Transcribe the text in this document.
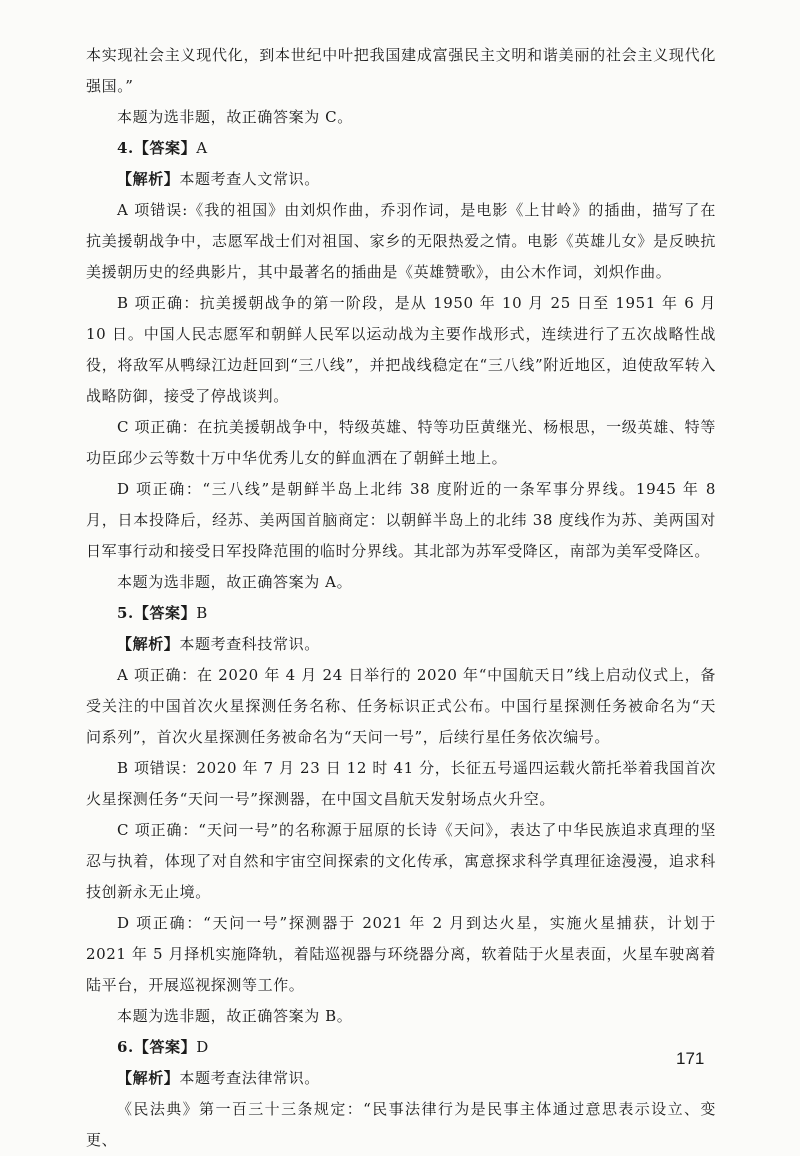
本实现社会主义现代化，到本世纪中叶把我国建成富强民主文明和谐美丽的社会主义现代化强国。”

本题为选非题，故正确答案为 C。

4.【答案】A

【解析】本题考查人文常识。

A 项错误:《我的祖国》由刘炽作曲，乔羽作词，是电影《上甘岭》的插曲，描写了在抗美援朝战争中，志愿军战士们对祖国、家乡的无限热爱之情。电影《英雄儿女》是反映抗美援朝历史的经典影片，其中最著名的插曲是《英雄赞歌》，由公木作词，刘炽作曲。

B 项正确：抗美援朝战争的第一阶段，是从 1950 年 10 月 25 日至 1951 年 6 月 10 日。中国人民志愿军和朝鲜人民军以运动战为主要作战形式，连续进行了五次战略性战役，将敌军从鸭绿江边赶回到“三八线”，并把战线稳定在“三八线”附近地区，迫使敌军转入战略防御，接受了停战谈判。

C 项正确：在抗美援朝战争中，特级英雄、特等功臣黄继光、杨根思，一级英雄、特等功臣邱少云等数十万中华优秀儿女的鲜血洒在了朝鲜土地上。

D 项正确：“三八线”是朝鲜半岛上北纬 38 度附近的一条军事分界线。1945 年 8 月，日本投降后，经苏、美两国首脑商定：以朝鲜半岛上的北纬 38 度线作为苏、美两国对日军事行动和接受日军投降范围的临时分界线。其北部为苏军受降区，南部为美军受降区。

本题为选非题，故正确答案为 A。

5.【答案】B

【解析】本题考查科技常识。

A 项正确：在 2020 年 4 月 24 日举行的 2020 年“中国航天日”线上启动仪式上，备受关注的中国首次火星探测任务名称、任务标识正式公布。中国行星探测任务被命名为“天问系列”，首次火星探测任务被命名为“天问一号”，后续行星任务依次编号。

B 项错误：2020 年 7 月 23 日 12 时 41 分，长征五号遥四运载火箭托举着我国首次火星探测任务“天问一号”探测器，在中国文昌航天发射场点火升空。

C 项正确：“天问一号”的名称源于屈原的长诗《天问》，表达了中华民族追求真理的坚忍与执着，体现了对自然和宇宙空间探索的文化传承，寓意探求科学真理征途漫漫，追求科技创新永无止境。

D 项正确：“天问一号”探测器于 2021 年 2 月到达火星，实施火星捕获，计划于 2021 年 5 月择机实施降轨，着陆巡视器与环绕器分离，软着陆于火星表面，火星车驶离着陆平台，开展巡视探测等工作。

本题为选非题，故正确答案为 B。

6.【答案】D

【解析】本题考查法律常识。

《民法典》第一百三十三条规定：“民事法律行为是民事主体通过意思表示设立、变更、

171
